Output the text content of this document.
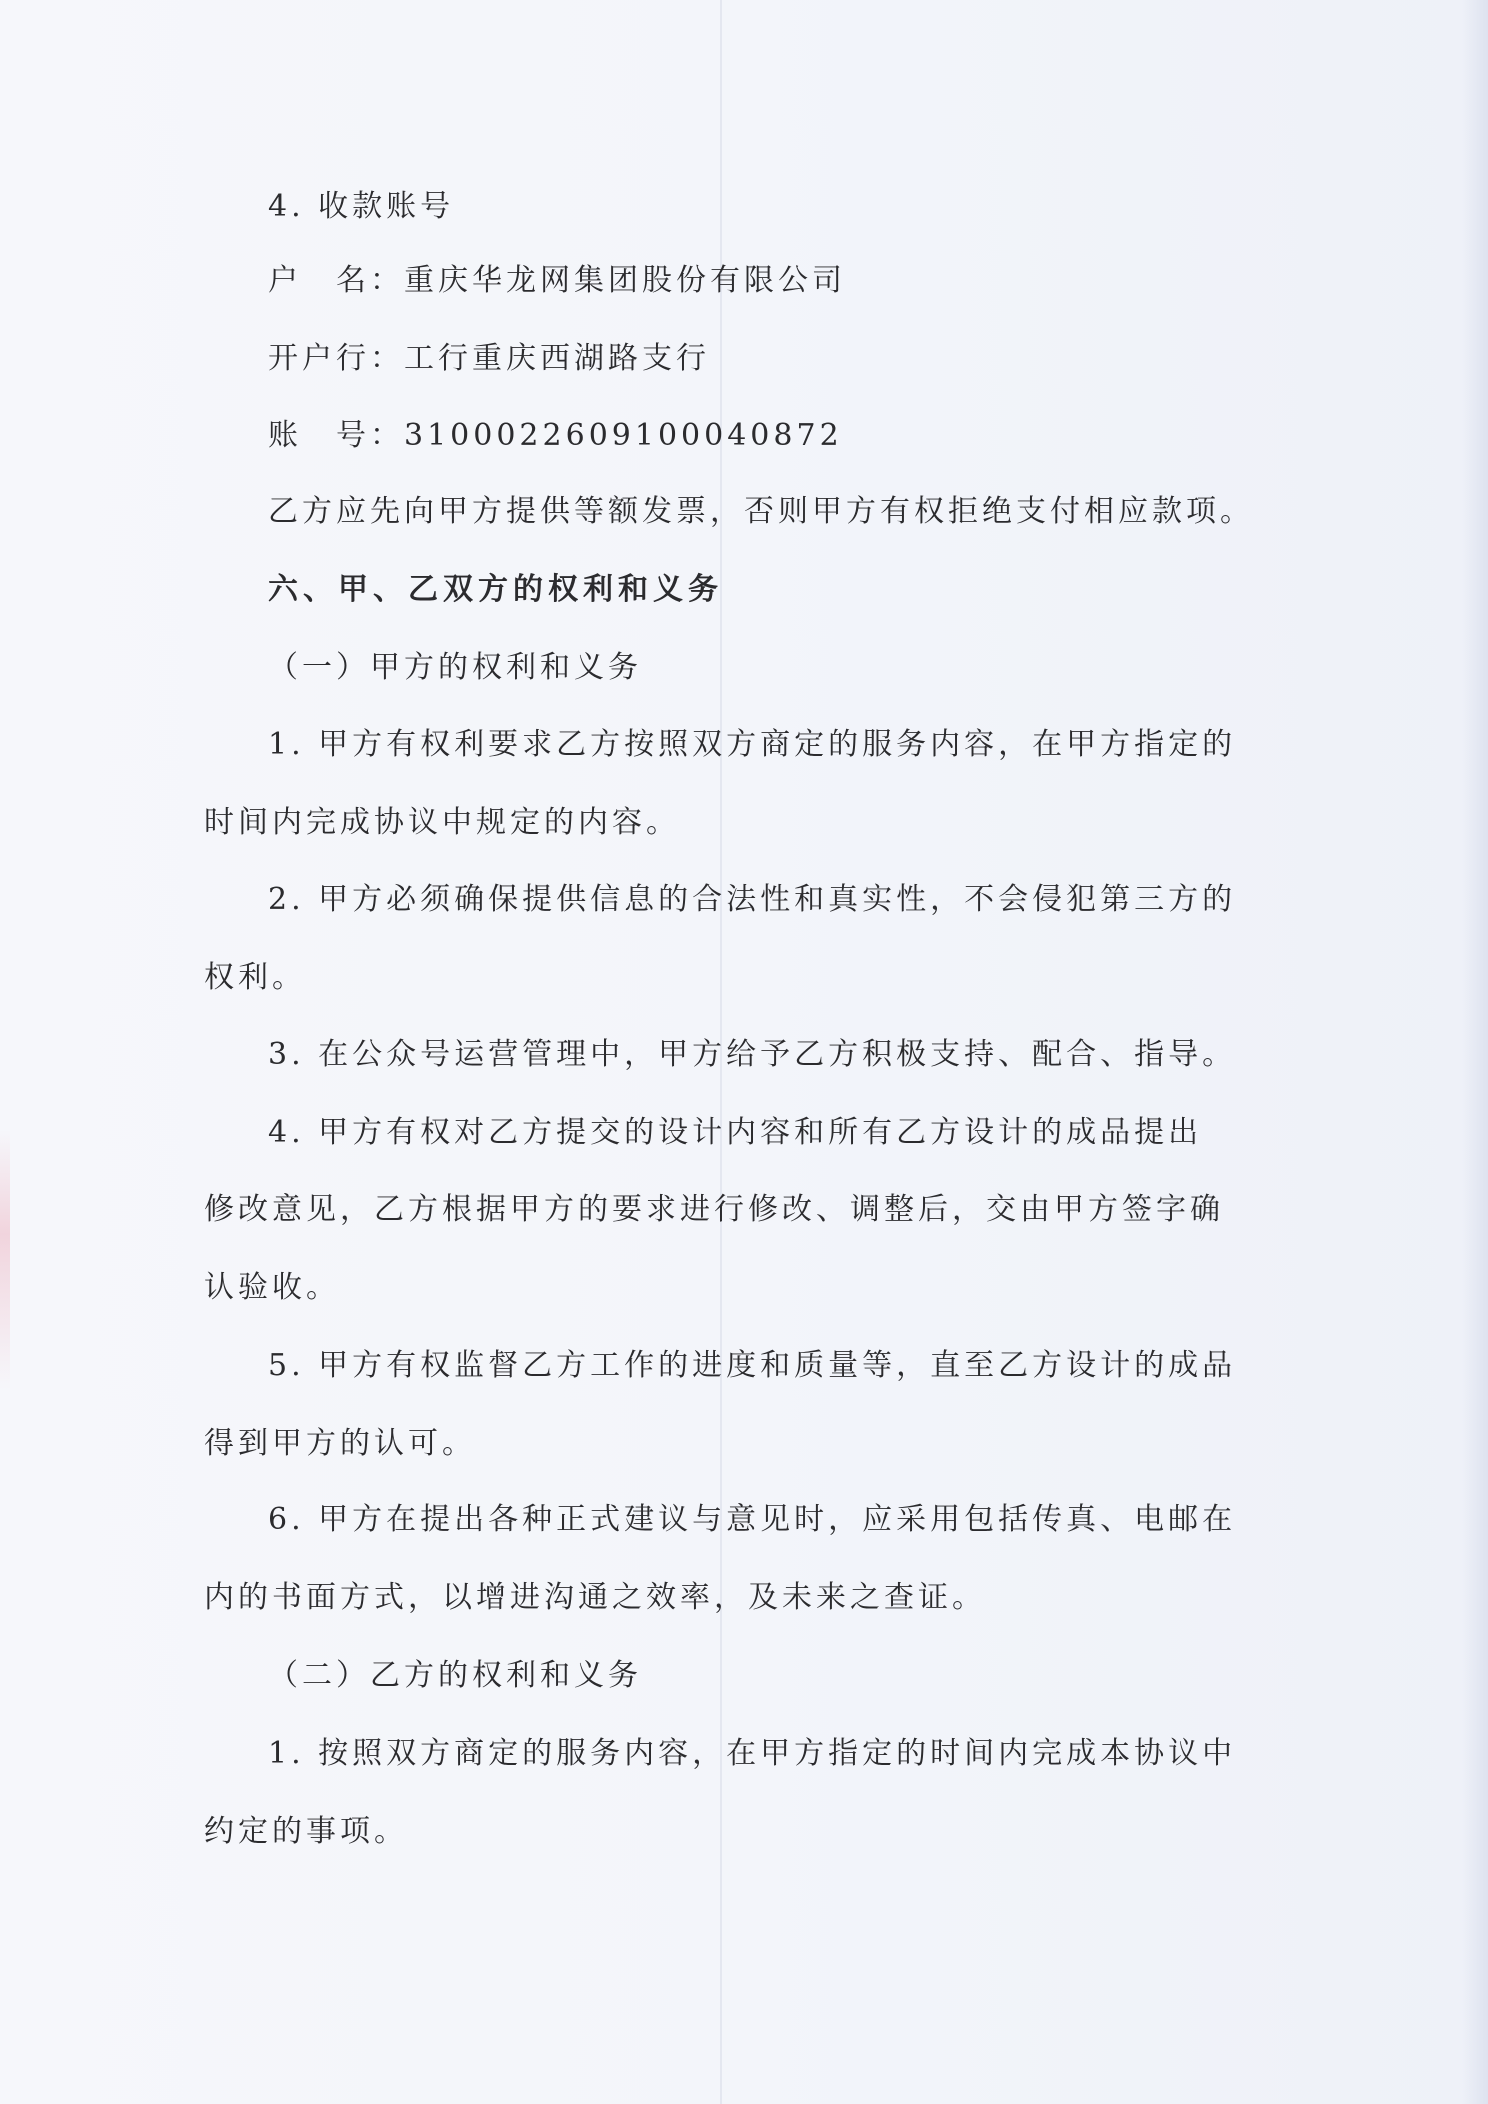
4. 收款账号
户　名：重庆华龙网集团股份有限公司
开户行：工行重庆西湖路支行
账　号：3100022609100040872
乙方应先向甲方提供等额发票，否则甲方有权拒绝支付相应款项。
六、甲、乙双方的权利和义务
（一）甲方的权利和义务
1. 甲方有权利要求乙方按照双方商定的服务内容，在甲方指定的
时间内完成协议中规定的内容。
2. 甲方必须确保提供信息的合法性和真实性，不会侵犯第三方的
权利。
3. 在公众号运营管理中，甲方给予乙方积极支持、配合、指导。
4. 甲方有权对乙方提交的设计内容和所有乙方设计的成品提出
修改意见，乙方根据甲方的要求进行修改、调整后，交由甲方签字确
认验收。
5. 甲方有权监督乙方工作的进度和质量等，直至乙方设计的成品
得到甲方的认可。
6. 甲方在提出各种正式建议与意见时，应采用包括传真、电邮在
内的书面方式，以增进沟通之效率，及未来之查证。
（二）乙方的权利和义务
1. 按照双方商定的服务内容，在甲方指定的时间内完成本协议中
约定的事项。
